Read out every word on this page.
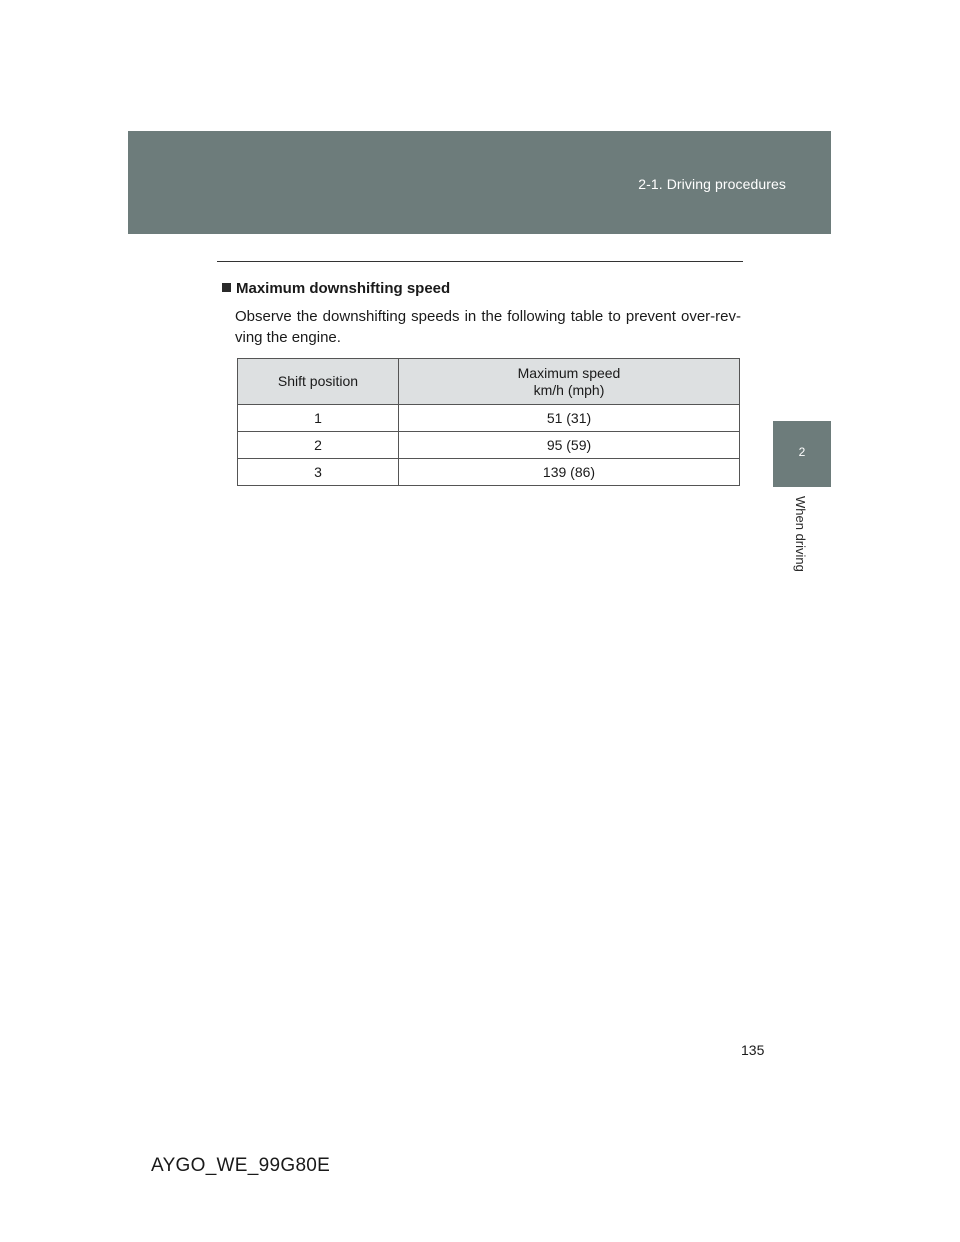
2-1. Driving procedures
2
When driving
Maximum downshifting speed

Observe the downshifting speeds in the following table to prevent over-rev-ving the engine.

Shift position	Maximum speed
km/h (mph)

1	51 (31)
2	95 (59)
3	139 (86)
135
AYGO_WE_99G80E
